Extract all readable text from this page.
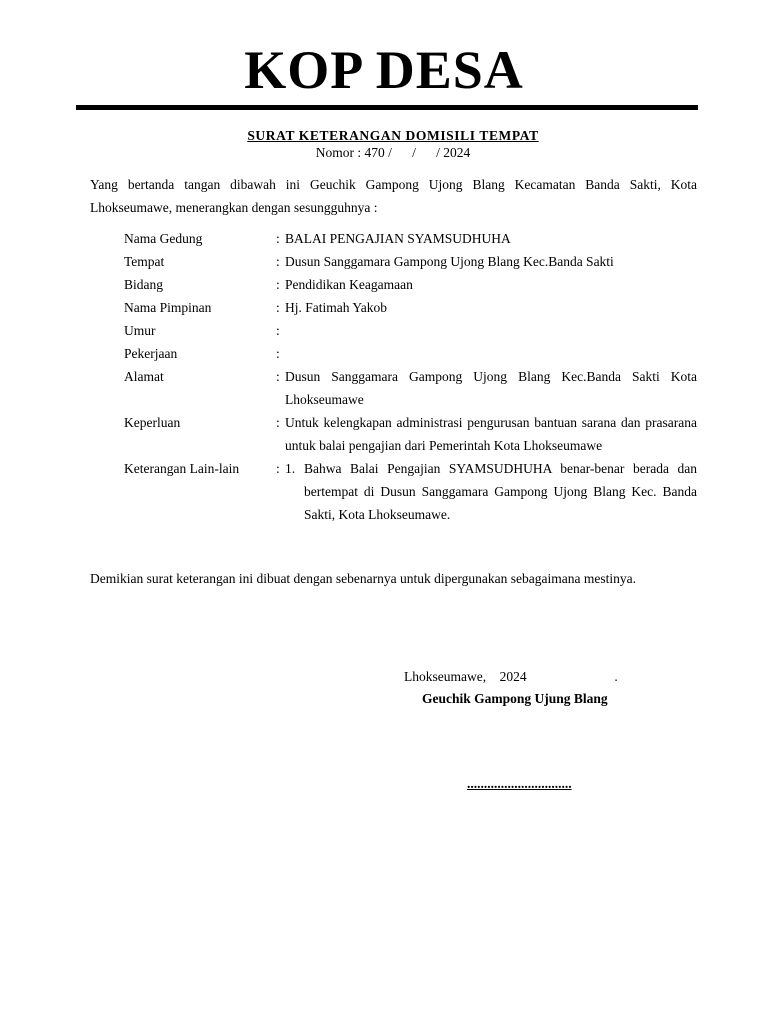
KOP DESA
SURAT KETERANGAN DOMISILI TEMPAT
Nomor : 470 /      /      / 2024
Yang bertanda tangan dibawah ini Geuchik Gampong Ujong Blang Kecamatan Banda Sakti, Kota Lhokseumawe, menerangkan dengan sesungguhnya :
Nama Gedung	: BALAI PENGAJIAN SYAMSUDHUHA
Tempat	: Dusun Sanggamara Gampong Ujong Blang Kec.Banda Sakti
Bidang	: Pendidikan Keagamaan
Nama Pimpinan	: Hj. Fatimah Yakob
Umur	:
Pekerjaan	:
Alamat	: Dusun Sanggamara Gampong Ujong Blang Kec.Banda Sakti Kota Lhokseumawe
Keperluan	: Untuk kelengkapan administrasi pengurusan bantuan sarana dan prasarana untuk balai pengajian dari Pemerintah Kota Lhokseumawe
Keterangan Lain-lain	: 1. Bahwa Balai Pengajian SYAMSUDHUHA benar-benar berada dan bertempat di Dusun Sanggamara Gampong Ujong Blang Kec. Banda Sakti, Kota Lhokseumawe.
Demikian surat keterangan ini dibuat dengan sebenarnya untuk dipergunakan sebagaimana mestinya.
Lhokseumawe,    2024                          .
Geuchik Gampong Ujung Blang
...............................
